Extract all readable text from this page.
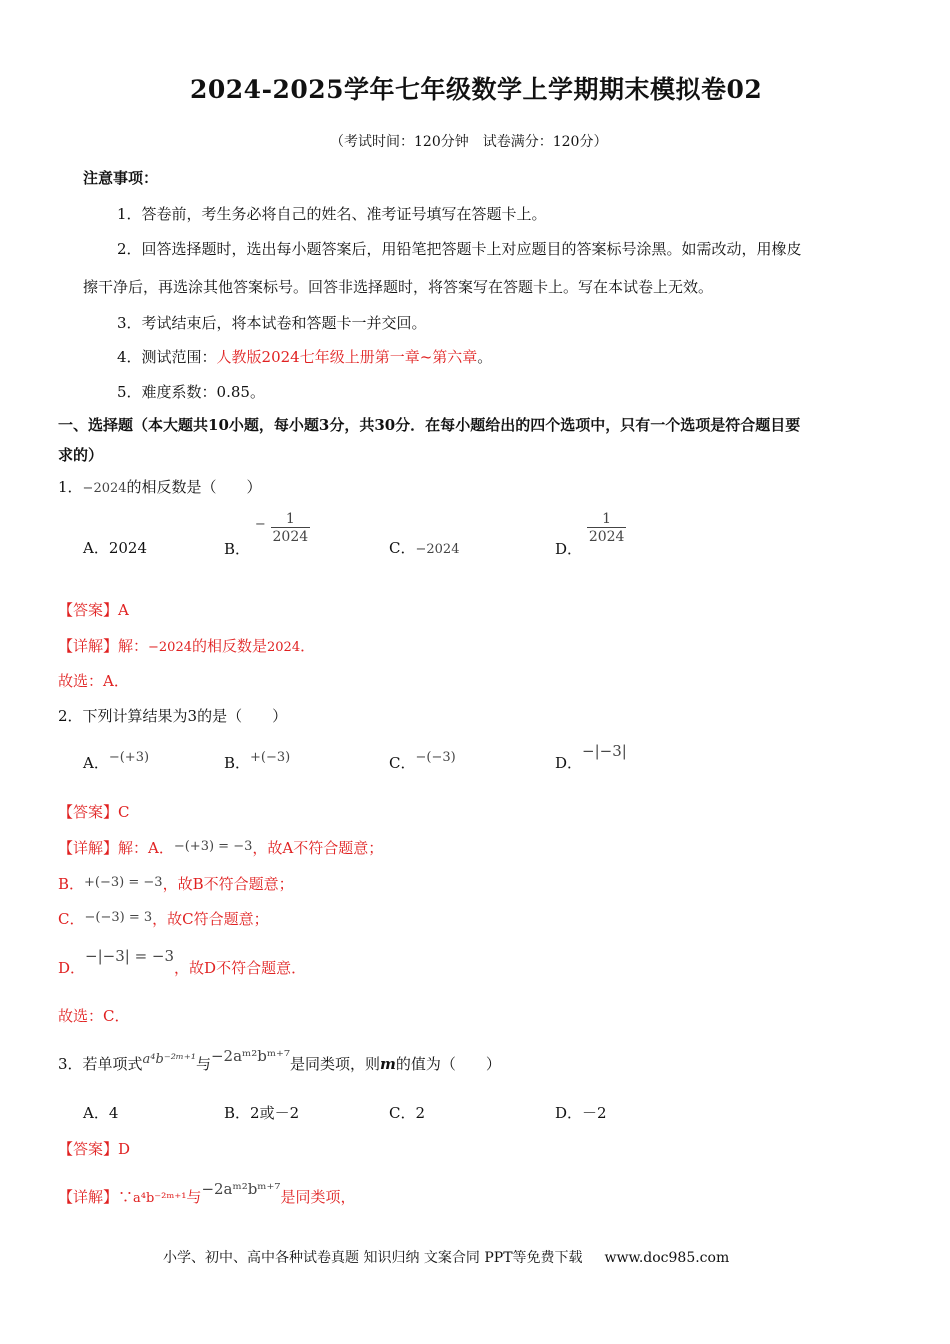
2024-2025学年七年级数学上学期期末模拟卷02
（考试时间：120分钟　试卷满分：120分）
注意事项：
1．答卷前，考生务必将自己的姓名、准考证号填写在答题卡上。
2．回答选择题时，选出每小题答案后，用铅笔把答题卡上对应题目的答案标号涂黑。如需改动，用橡皮
擦干净后，再选涂其他答案标号。回答非选择题时，将答案写在答题卡上。写在本试卷上无效。
3．考试结束后，将本试卷和答题卡一并交回。
4．测试范围：人教版2024七年级上册第一章~第六章。
5．难度系数：0.85。
一、选择题（本大题共10小题，每小题3分，共30分．在每小题给出的四个选项中，只有一个选项是符合题目要
求的）
1．−2024的相反数是（　　）
A．2024	B． − $\frac{1}{2024}$
C．−2024	D．
$\frac{1}{2024}$
【答案】A
【详解】解：−2024的相反数是2024．
故选：A．
2．下列计算结果为3的是（　　）
A．−(+3)	B．+(−3)	C．−(−3)	D．−|−3|
【答案】C
【详解】解：A．−(+3) = −3，故A不符合题意；
B．+(−3) = −3，故B不符合题意；
C．−(−3) = 3，故C符合题意；
D．−|−3| = −3，故D不符合题意．
故选：C．
3．若单项式a⁴b⁻²ᵐ⁺¹与−2aᵐ²bᵐ⁺⁷是同类项，则m的值为（　　）
A．4	B．2或－2	C．2	D．－2
【答案】D
【详解】∵a⁴b⁻²ᵐ⁺¹与−2aᵐ²bᵐ⁺⁷是同类项，
小学、初中、高中各种试卷真题 知识归纳 文案合同 PPT等免费下载 www.doc985.com
